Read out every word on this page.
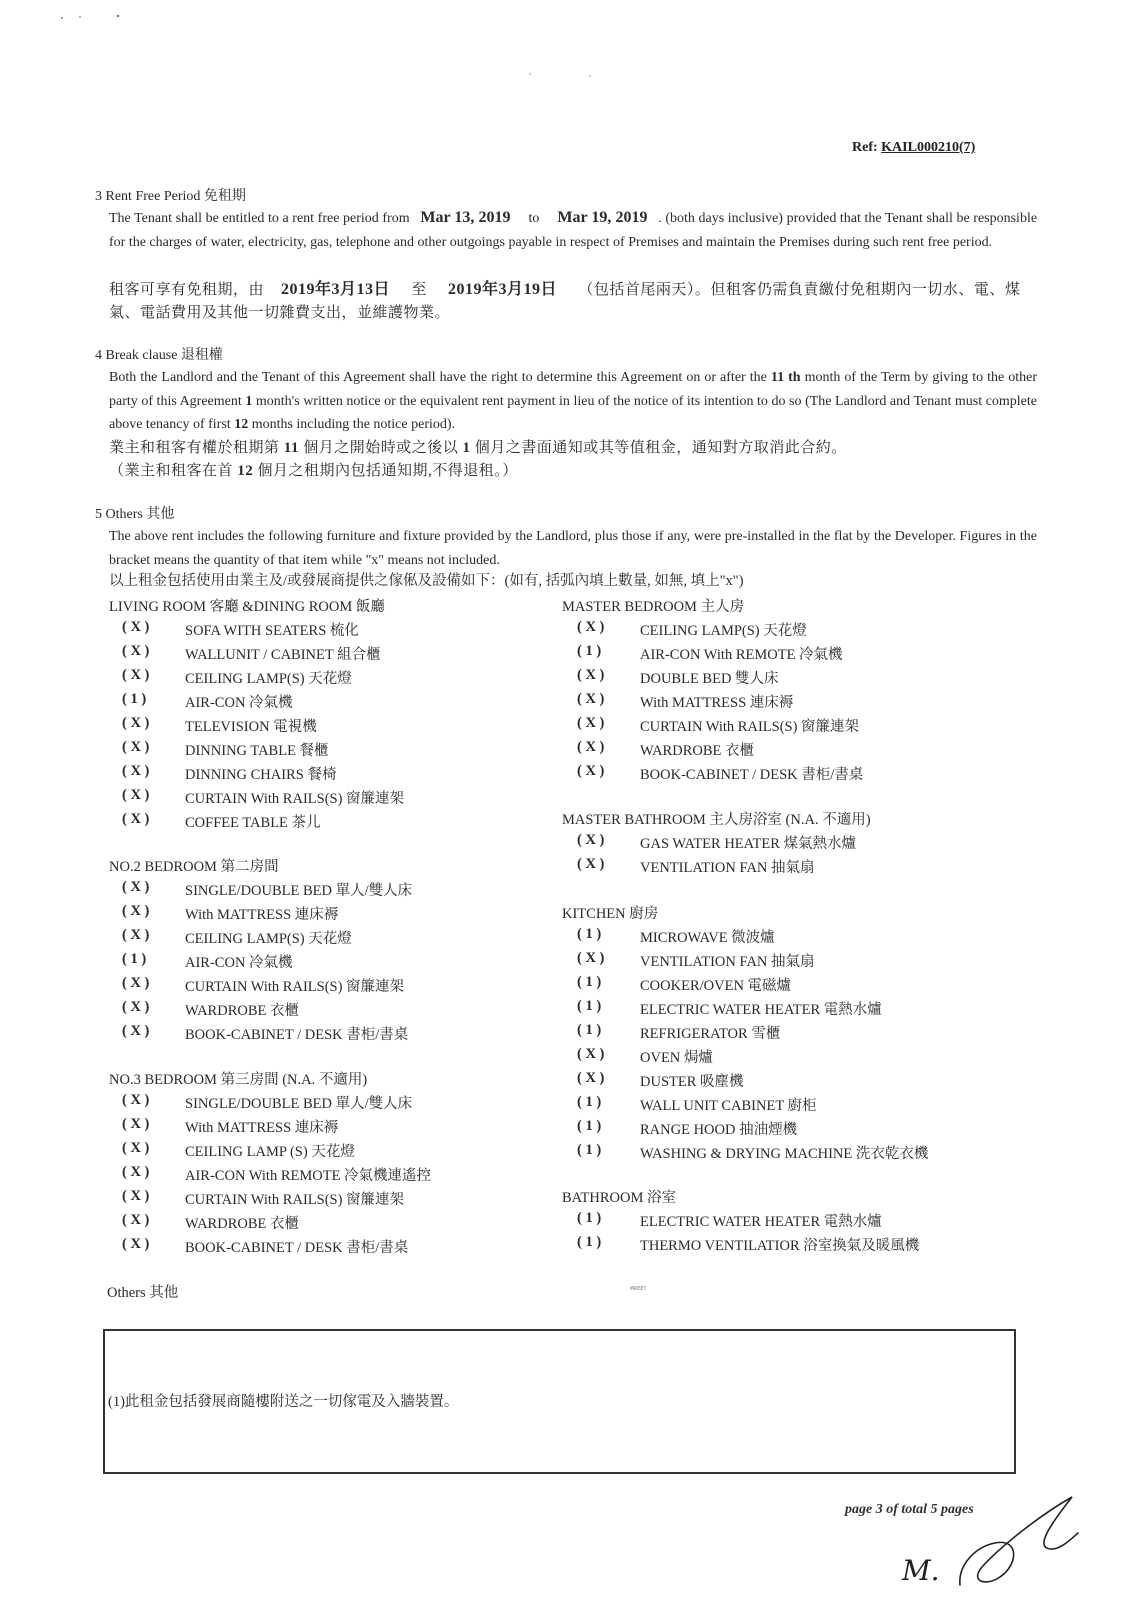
Ref: KAIL000210(7)
3 Rent Free Period 免租期
The Tenant shall be entitled to a rent free period from Mar 13, 2019 to Mar 19, 2019 . (both days inclusive) provided that the Tenant shall be responsible for the charges of water, electricity, gas, telephone and other outgoings payable in respect of Premises and maintain the Premises during such rent free period.
租客可享有免租期，由 2019年3月13日 至 2019年3月19日 （包括首尾兩天）。但租客仍需負責繳付免租期內一切水、電、煤氣、電話費用及其他一切雜費支出，並維護物業。
4 Break clause 退租權
Both the Landlord and the Tenant of this Agreement shall have the right to determine this Agreement on or after the 11 th month of the Term by giving to the other party of this Agreement 1 month's written notice or the equivalent rent payment in lieu of the notice of its intention to do so (The Landlord and Tenant must complete above tenancy of first 12 months including the notice period).
業主和租客有權於租期第 11 個月之開始時或之後以 1 個月之書面通知或其等值租金，通知對方取消此合約。
（業主和租客在首 12 個月之租期內包括通知期,不得退租。）
5 Others 其他
The above rent includes the following furniture and fixture provided by the Landlord, plus those if any, were pre-installed in the flat by the Developer. Figures in the bracket means the quantity of that item while "x" means not included.
以上租金包括使用由業主及/或發展商提供之傢俬及設備如下：(如有, 括弧內填上數量, 如無, 填上"x")
LIVING ROOM 客廳 &DINING ROOM 飯廳
NO.2 BEDROOM 第二房間
NO.3 BEDROOM 第三房間 (N.A. 不適用)
MASTER BEDROOM 主人房
MASTER BATHROOM 主人房浴室 (N.A. 不適用)
KITCHEN 廚房
BATHROOM 浴室
( X )	SOFA WITH SEATERS 梳化
( X )	WALLUNIT / CABINET 組合櫃
( X )	CEILING LAMP(S) 天花燈
( 1 )	AIR-CON 冷氣機
( X )	TELEVISION 電視機
( X )	DINNING TABLE 餐櫃
( X )	DINNING CHAIRS 餐椅
( X )	CURTAIN With RAILS(S) 窗簾連架
( X )	COFFEE TABLE 茶儿
( X )	SINGLE/DOUBLE BED 單人/雙人床
( X )	With MATTRESS 連床褥
( X )	CEILING LAMP(S) 天花燈
( 1 )	AIR-CON 冷氣機
( X )	CURTAIN With RAILS(S) 窗簾連架
( X )	WARDROBE 衣櫃
( X )	BOOK-CABINET / DESK 書柜/書桌
( X )	SINGLE/DOUBLE BED 單人/雙人床
( X )	With MATTRESS 連床褥
( X )	CEILING LAMP (S) 天花燈
( X )	AIR-CON With REMOTE 冷氣機連遙控
( X )	CURTAIN With RAILS(S) 窗簾連架
( X )	WARDROBE 衣櫃
( X )	BOOK-CABINET / DESK 書柜/書桌
( X )	CEILING LAMP(S) 天花燈
( 1 )	AIR-CON With REMOTE 冷氣機
( X )	DOUBLE BED 雙人床
( X )	With MATTRESS 連床褥
( X )	CURTAIN With RAILS(S) 窗簾連架
( X )	WARDROBE 衣櫃
( X )	BOOK-CABINET / DESK 書柜/書桌
( X )	GAS WATER HEATER 煤氣熱水爐
( X )	VENTILATION FAN 抽氣扇
( 1 )	MICROWAVE 微波爐
( X )	VENTILATION FAN 抽氣扇
( 1 )	COOKER/OVEN 電磁爐
( 1 )	ELECTRIC WATER HEATER 電熱水爐
( 1 )	REFRIGERATOR 雪櫃
( X )	OVEN 焗爐
( X )	DUSTER 吸塵機
( 1 )	WALL UNIT CABINET 廚柜
( 1 )	RANGE HOOD 抽油煙機
( 1 )	WASHING & DRYING MACHINE 洗衣乾衣機
( 1 )	ELECTRIC WATER HEATER 電熱水爐
( 1 )	THERMO VENTILATIOR 浴室換氣及暖風機
Others 其他	#REF!
(1)此租金包括發展商隨樓附送之一切傢電及入牆裝置。
page 3 of total 5 pages
M.
